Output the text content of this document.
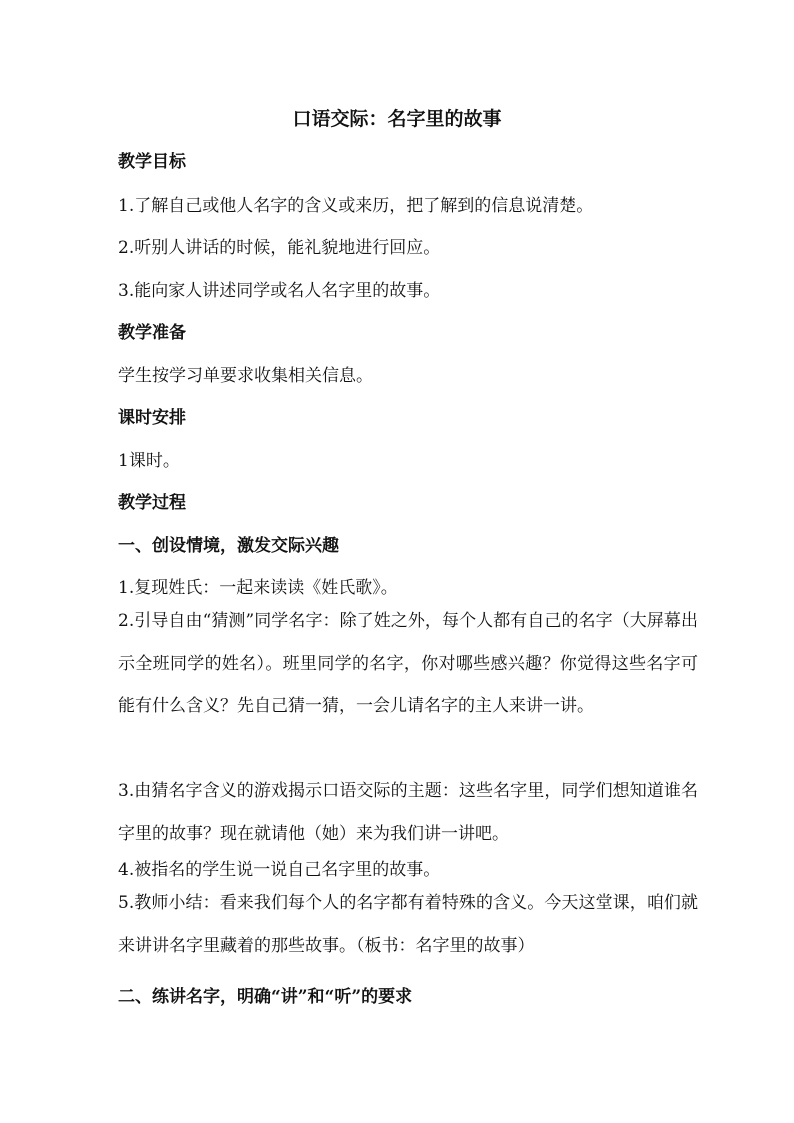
口语交际：名字里的故事
教学目标
1.了解自己或他人名字的含义或来历，把了解到的信息说清楚。
2.听别人讲话的时候，能礼貌地进行回应。
3.能向家人讲述同学或名人名字里的故事。
教学准备
学生按学习单要求收集相关信息。
课时安排
1课时。
教学过程
一、创设情境，激发交际兴趣
1.复现姓氏：一起来读读《姓氏歌》。
2.引导自由“猜测”同学名字：除了姓之外，每个人都有自己的名字（大屏幕出示全班同学的姓名）。班里同学的名字，你对哪些感兴趣？你觉得这些名字可能有什么含义？先自己猜一猜，一会儿请名字的主人来讲一讲。
3.由猜名字含义的游戏揭示口语交际的主题：这些名字里，同学们想知道谁名字里的故事？现在就请他（她）来为我们讲一讲吧。
4.被指名的学生说一说自己名字里的故事。
5.教师小结：看来我们每个人的名字都有着特殊的含义。今天这堂课，咱们就来讲讲名字里藏着的那些故事。（板书：名字里的故事）
二、练讲名字，明确“讲”和“听”的要求
